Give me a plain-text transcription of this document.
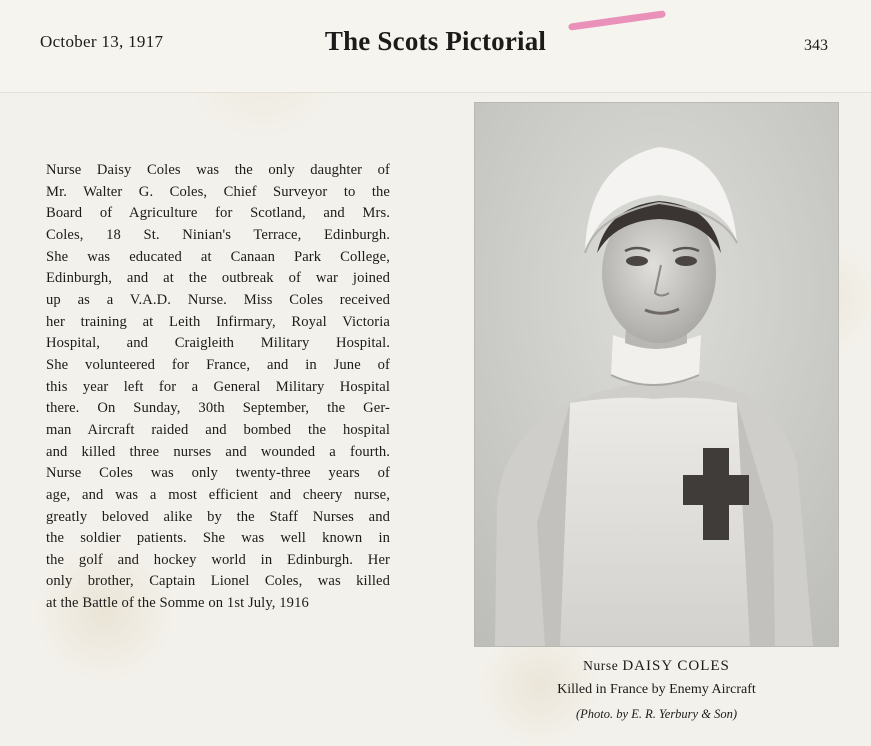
October 13, 1917	The Scots Pictorial	343

Nurse Daisy Coles was the only daughter of
Mr. Walter G. Coles, Chief Surveyor to the
Board of Agriculture for Scotland, and Mrs.
Coles, 18 St. Ninian's Terrace, Edinburgh.
She was educated at Canaan Park College,
Edinburgh, and at the outbreak of war joined
up as a V.A.D. Nurse. Miss Coles received
her training at Leith Infirmary, Royal Victoria
Hospital, and Craigleith Military Hospital.
She volunteered for France, and in June of
this year left for a General Military Hospital
there. On Sunday, 30th September, the Ger-
man Aircraft raided and bombed the hospital
and killed three nurses and wounded a fourth.
Nurse Coles was only twenty-three years of
age, and was a most efficient and cheery nurse,
greatly beloved alike by the Staff Nurses and
the soldier patients. She was well known in
the golf and hockey world in Edinburgh. Her
only brother, Captain Lionel Coles, was killed
at the Battle of the Somme on 1st July, 1916

Nurse DAISY COLES
Killed in France by Enemy Aircraft
(Photo. by E. R. Yerbury & Son)
